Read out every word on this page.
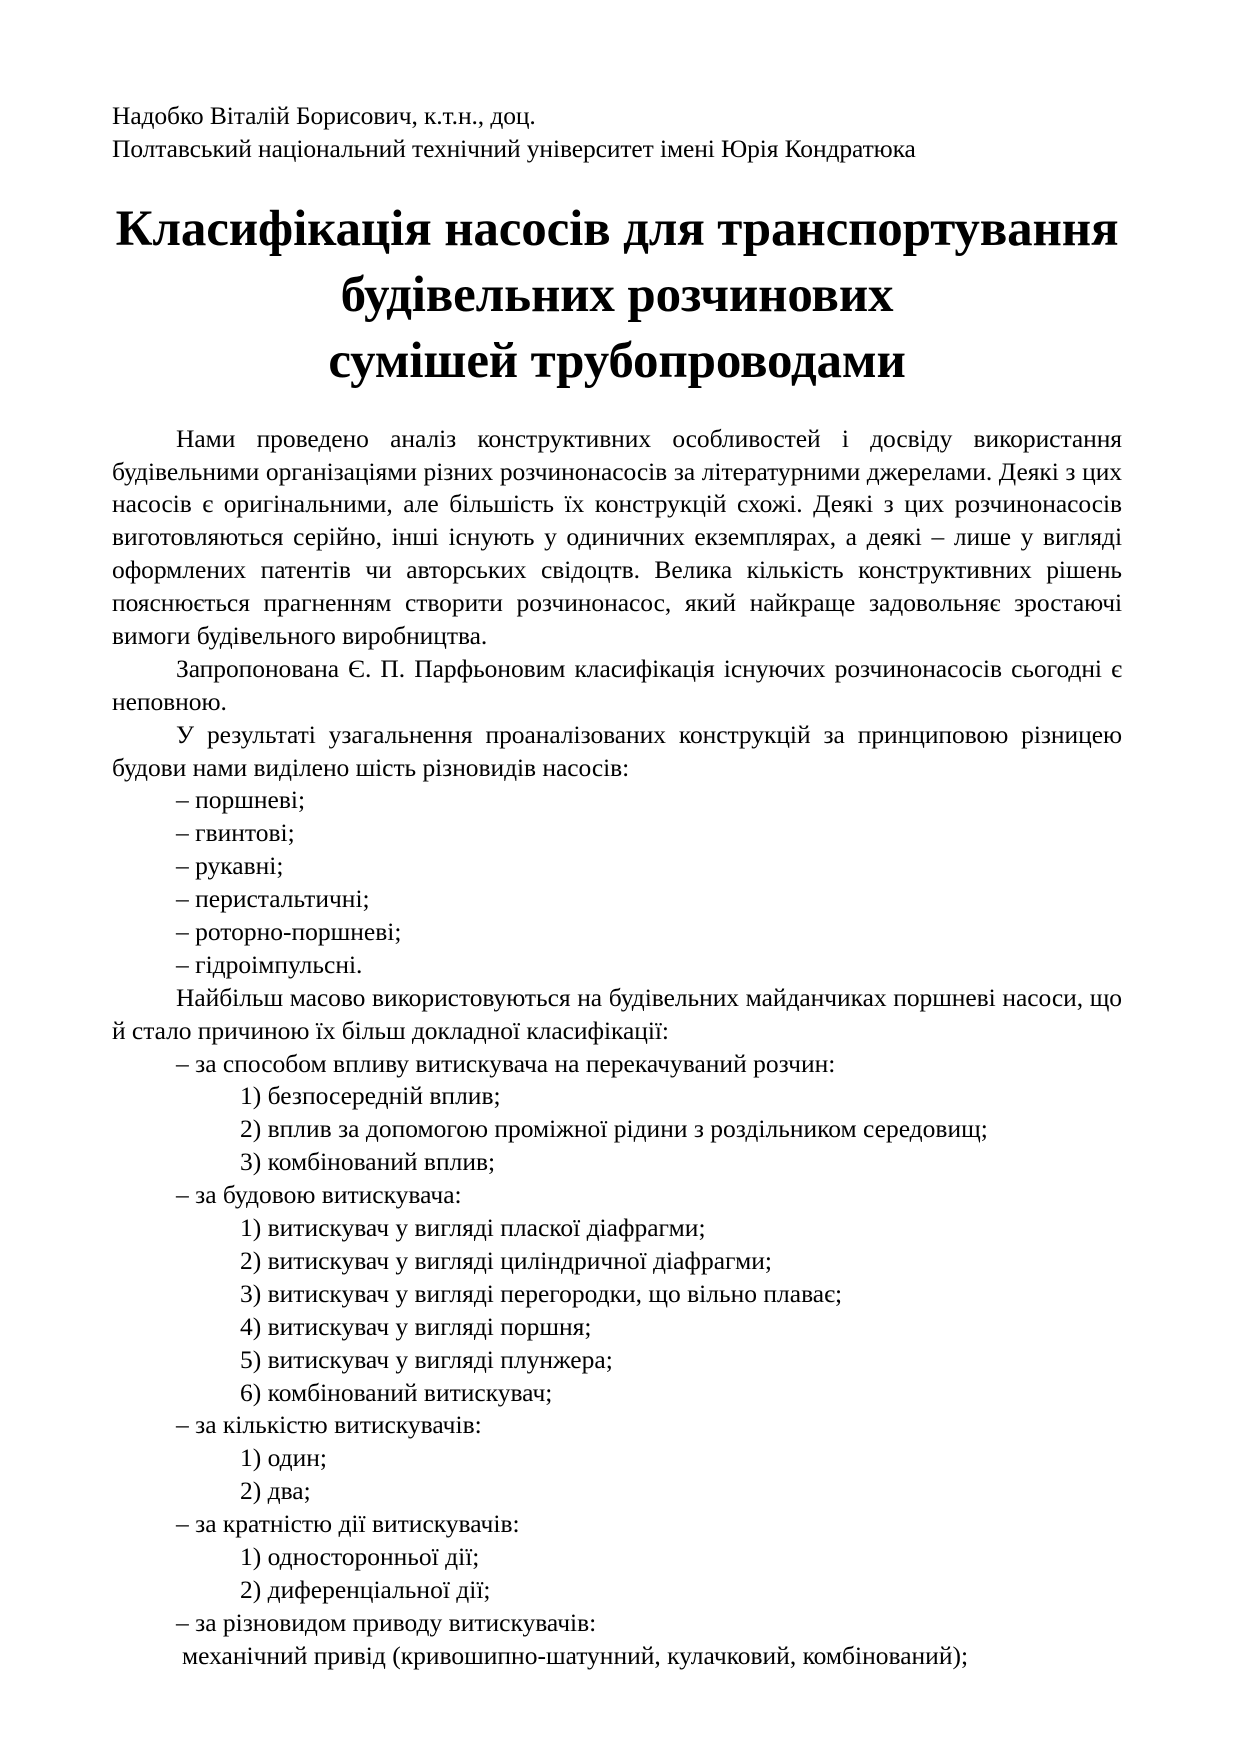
Надобко Віталій Борисович, к.т.н., доц.
Полтавський національний технічний університет імені Юрія Кондратюка
Класифікація насосів для транспортування будівельних розчинових
сумішей трубопроводами

Нами проведено аналіз конструктивних особливостей і досвіду використання будівельними організаціями різних розчинонасосів за літературними джерелами. Деякі з цих насосів є оригінальними, але більшість їх конструкцій схожі. Деякі з цих розчинонасосів виготовляються серійно, інші існують у одиничних екземплярах, а деякі – лише у вигляді оформлених патентів чи авторських свідоцтв. Велика кількість конструктивних рішень пояснюється прагненням створити розчинонасос, який найкраще задовольняє зростаючі вимоги будівельного виробництва.

Запропонована Є. П. Парфьоновим класифікація існуючих розчинонасосів сьогодні є неповною.

У результаті узагальнення проаналізованих конструкцій за принциповою різницею будови нами виділено шість різновидів насосів:

– поршневі;

– гвинтові;

– рукавні;

– перистальтичні;

– роторно-поршневі;

– гідроімпульсні.

Найбільш масово використовуються на будівельних майданчиках поршневі насоси, що й стало причиною їх більш докладної класифікації:

– за способом впливу витискувача на перекачуваний розчин:

1) безпосередній вплив;

2) вплив за допомогою проміжної рідини з роздільником середовищ;

3) комбінований вплив;

– за будовою витискувача:

1) витискувач у вигляді плаcкої діафрагми;

2) витискувач у вигляді циліндричної діафрагми;

3) витискувач у вигляді перегородки, що вільно плаває;

4) витискувач у вигляді поршня;

5) витискувач у вигляді плунжера;

6) комбінований витискувач;

– за кількістю витискувачів:

1) один;

2) два;

– за кратністю дії витискувачів:

1) односторонньої дії;

2) диференціальної дії;

– за різновидом приводу витискувачів:

механічний привід (кривошипно-шатунний, кулачковий, комбінований);
